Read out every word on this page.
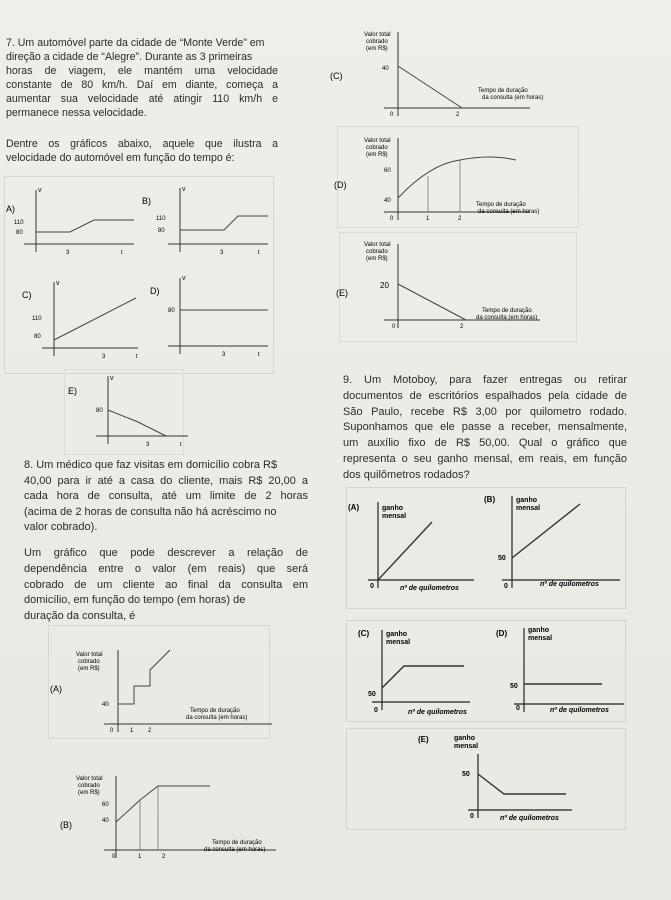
7. Um automóvel parte da cidade de “Monte Verde” em

direção a cidade de “Alegre”. Durante as 3 primeiras

horas de viagem, ele mantém uma velocidade

constante de 80 km/h. Daí em diante, começa a

aumentar sua velocidade até atingir 110 km/h e

permanece nessa velocidade.

Dentre os gráficos abaixo, aquele que ilustra a

velocidade do automóvel em função do tempo é:

A)
v
110
80
3	t
B)
v
110
80
3	t
C)
v
110
80
3	t
D)
v
80
3	t
E)
v
80
3	t

8. Um médico que faz visitas em domicílio cobra R$

40,00 para ir até a casa do cliente, mais R$ 20,00 a

cada hora de consulta, até um limite de 2 horas

(acima de 2 horas de consulta não há acréscimo no

valor cobrado).

Um gráfico que pode descrever a relação de

dependência entre o valor (em reais) que será

cobrado de um cliente ao final da consulta em

domicílio, em função do tempo (em horas) de

duração da consulta, é

(C)
Valor total
cobrado
(em R$)
40
0	2
Tempo de duração
da consulta (em horas)
(D)
Valor total
cobrado
(em R$)
60
40
0	1	2
Tempo de duração
da consulta (em horas)
(E)
Valor total
cobrado
(em R$)
20
0	2
Tempo de duração
da consulta (em horas)

9. Um Motoboy, para fazer entregas ou retirar

documentos de escritórios espalhados pela cidade de

São Paulo, recebe R$ 3,00 por quilometro rodado.

Suponhamos que ele passe a receber, mensalmente,

um auxílio fixo de R$ 50,00. Qual o gráfico que

representa o seu ganho mensal, em reais, em função

dos quilômetros rodados?

(A)	ganho
mensal
0	nº de quilometros
(B)	ganho
mensal
50
0	nº de quilometros
(C) ganho
mensal
50
0	nº de quilometros
(D)	ganho
mensal
50
0	nº de quilometros
(E)	ganho
mensal
50
0	nº de quilometros
(A)
Valor total
cobrado
(em R$)
40
0	1 2
Tempo de duração
da consulta (em horas)
(B)
Valor total
cobrado
(em R$)
60
40
0	1	2
Tempo de duração
da consulta (em horas)
